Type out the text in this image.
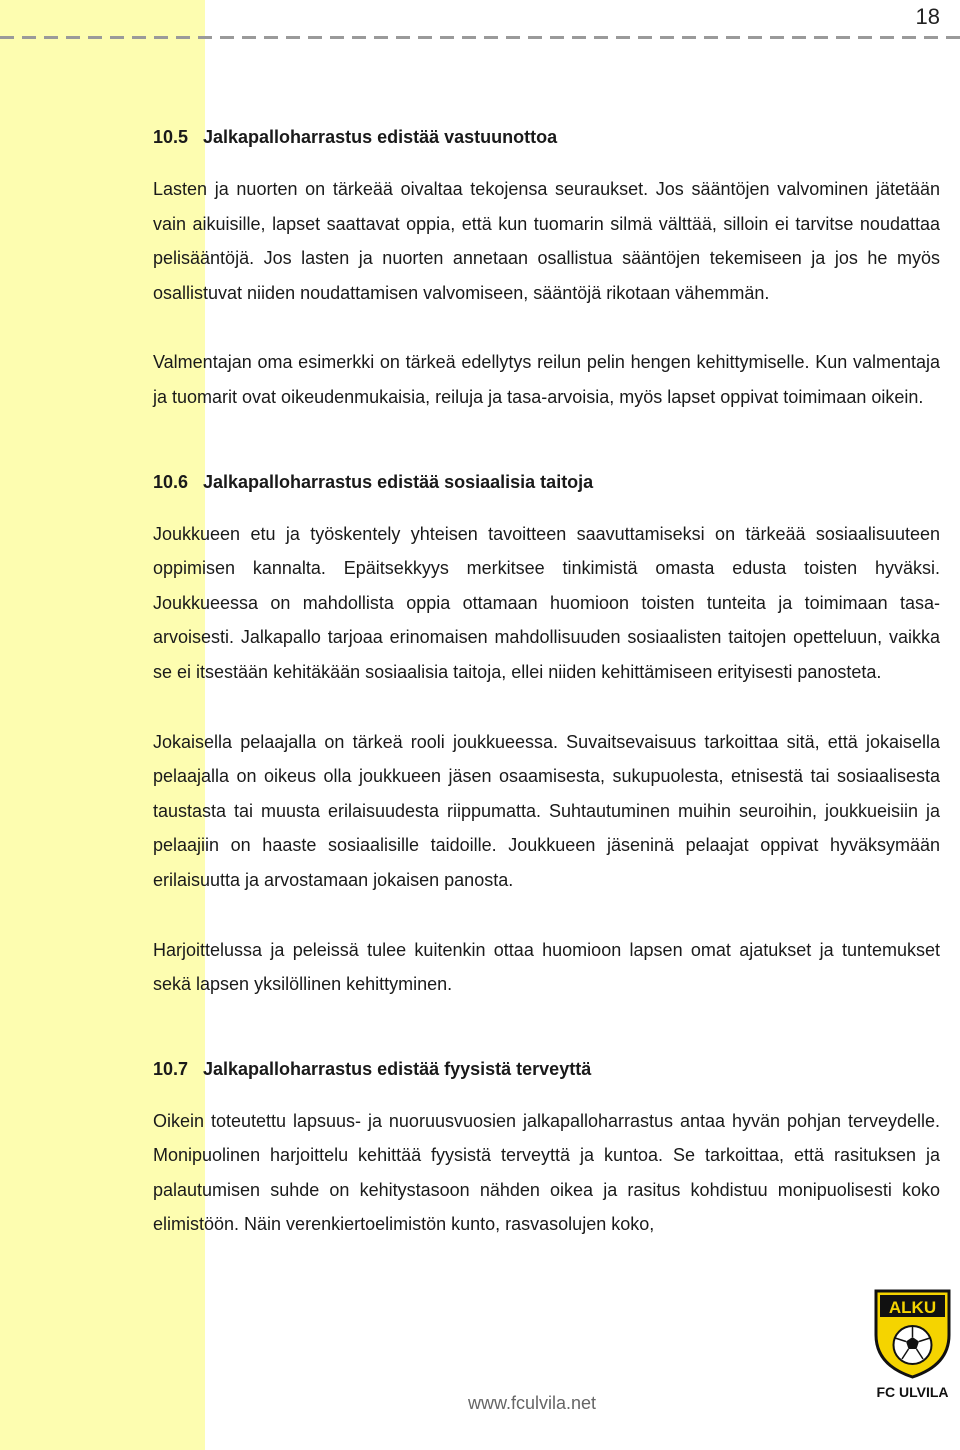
18
10.5 Jalkapalloharrastus edistää vastuunottoa

Lasten ja nuorten on tärkeää oivaltaa tekojensa seuraukset. Jos sääntöjen valvominen jätetään vain aikuisille, lapset saattavat oppia, että kun tuomarin silmä välttää, silloin ei tarvitse noudattaa pelisääntöjä. Jos lasten ja nuorten annetaan osallistua sääntöjen tekemiseen ja jos he myös osallistuvat niiden noudattamisen valvomiseen, sääntöjä rikotaan vähemmän.

Valmentajan oma esimerkki on tärkeä edellytys reilun pelin hengen kehittymiselle. Kun valmentaja ja tuomarit ovat oikeudenmukaisia, reiluja ja tasa-arvoisia, myös lapset oppivat toimimaan oikein.

10.6 Jalkapalloharrastus edistää sosiaalisia taitoja

Joukkueen etu ja työskentely yhteisen tavoitteen saavuttamiseksi on tärkeää sosiaalisuuteen oppimisen kannalta. Epäitsekkyys merkitsee tinkimistä omasta edusta toisten hyväksi. Joukkueessa on mahdollista oppia ottamaan huomioon toisten tunteita ja toimimaan tasa-arvoisesti. Jalkapallo tarjoaa erinomaisen mahdollisuuden sosiaalisten taitojen opetteluun, vaikka se ei itsestään kehitäkään sosiaalisia taitoja, ellei niiden kehittämiseen erityisesti panosteta.

Jokaisella pelaajalla on tärkeä rooli joukkueessa. Suvaitsevaisuus tarkoittaa sitä, että jokaisella pelaajalla on oikeus olla joukkueen jäsen osaamisesta, sukupuolesta, etnisestä tai sosiaalisesta taustasta tai muusta erilaisuudesta riippumatta. Suhtautuminen muihin seuroihin, joukkueisiin ja pelaajiin on haaste sosiaalisille taidoille. Joukkueen jäseninä pelaajat oppivat hyväksymään erilaisuutta ja arvostamaan jokaisen panosta.

Harjoittelussa ja peleissä tulee kuitenkin ottaa huomioon lapsen omat ajatukset ja tuntemukset sekä lapsen yksilöllinen kehittyminen.

10.7 Jalkapalloharrastus edistää fyysistä terveyttä

Oikein toteutettu lapsuus- ja nuoruusvuosien jalkapalloharrastus antaa hyvän pohjan terveydelle. Monipuolinen harjoittelu kehittää fyysistä terveyttä ja kuntoa. Se tarkoittaa, että rasituksen ja palautumisen suhde on kehitystasoon nähden oikea ja rasitus kohdistuu monipuolisesti koko elimistöön. Näin verenkiertoelimistön kunto, rasvasolujen koko,

www.fculvila.net
ALKU
FC ULVILA
